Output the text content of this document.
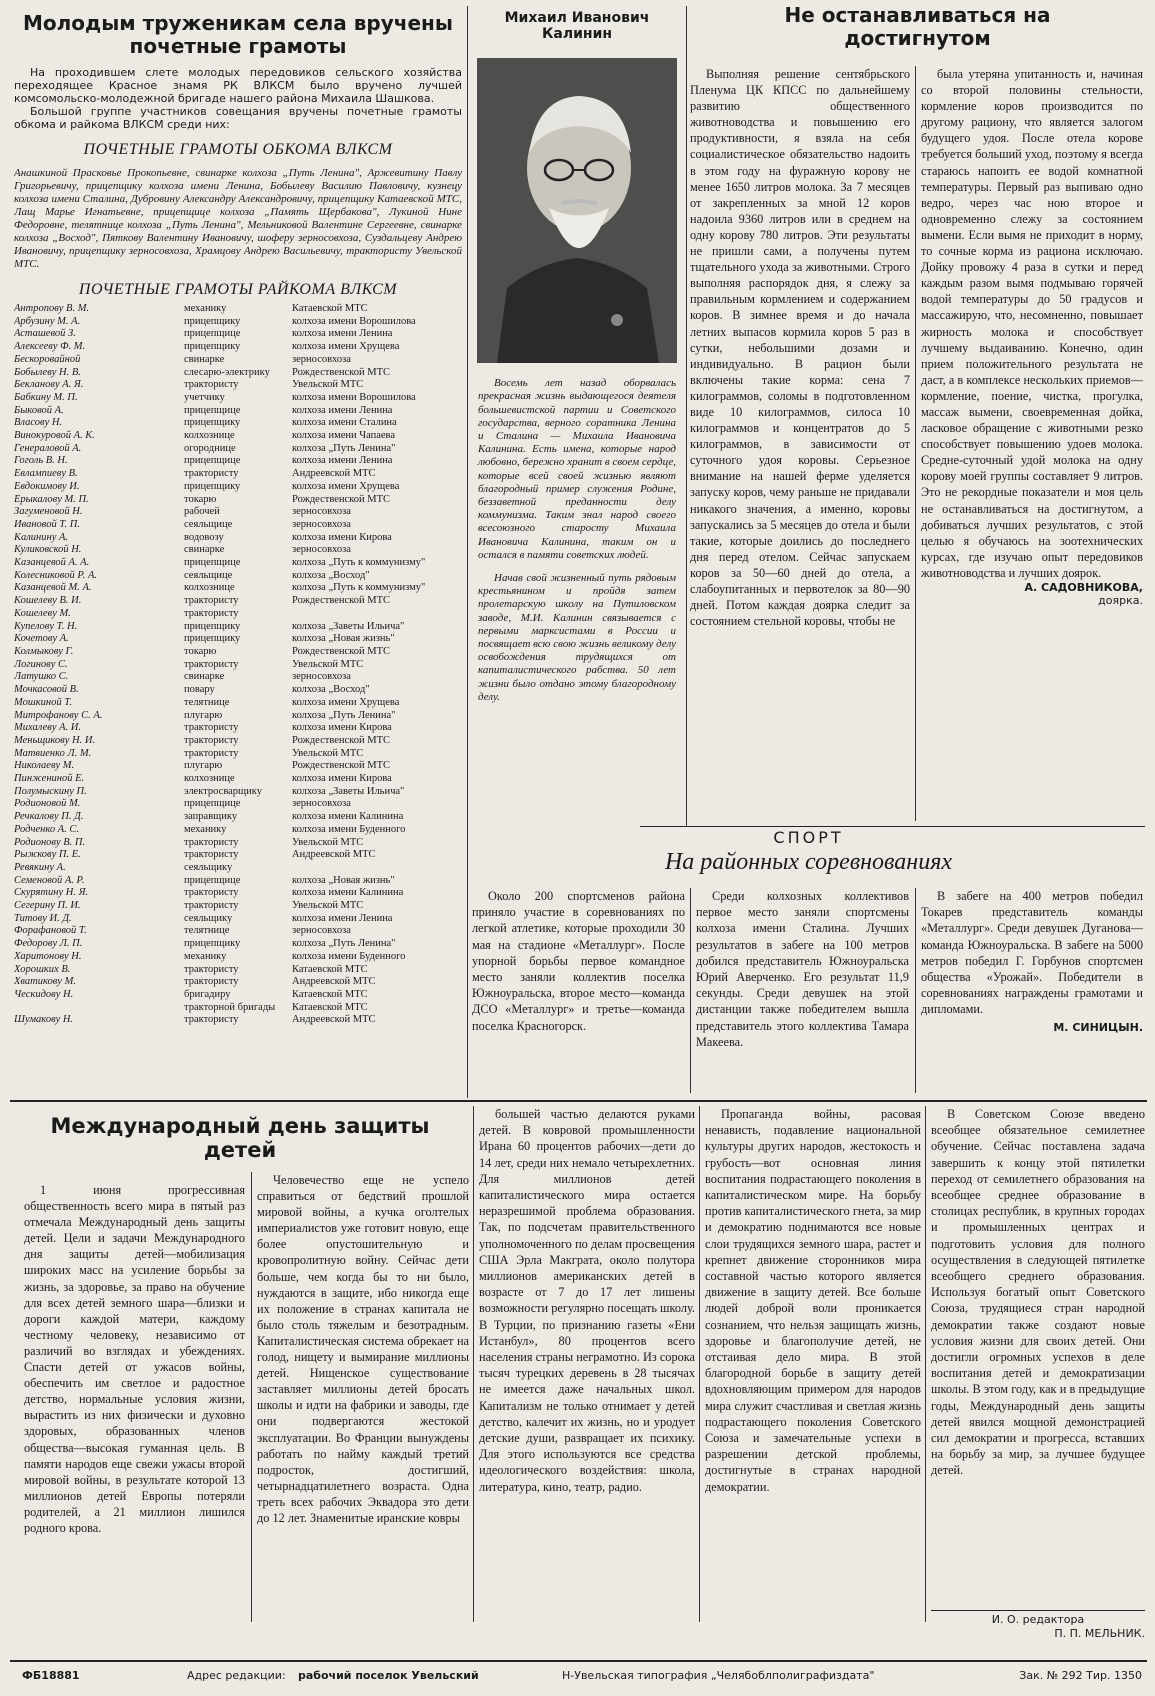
Молодым труженикам села вручены
почетные грамоты

На проходившем слете молодых передовиков сельского хозяйства переходящее Красное знамя РК ВЛКСМ было вручено лучшей комсомольско-молодежной бригаде нашего района Михаила Шашкова.

Большой группе участников совещания вручены почетные грамоты обкома и райкома ВЛКСМ среди них:

ПОЧЕТНЫЕ ГРАМОТЫ ОБКОМА ВЛКСМ
Анашкиной Прасковье Прокопьевне, свинарке колхоза „Путь Ленина", Аржевитину Павлу Григорьевичу, прицепщику колхоза имени Ленина, Бобылеву Василию Павловичу, кузнецу колхоза имени Сталина, Дубровину Александру Александровичу, прицепщику Катаевской МТС, Лащ Марье Игнатьевне, прицепщице колхоза „Память Щербакова", Лукиной Нине Федоровне, телятнице колхоза „Путь Ленина", Мельниковой Валентине Сергеевне, свинарке колхоза „Восход", Пяткову Валентину Ивановичу, шоферу зерносовхоза, Суздальцеву Андрею Ивановичу, прицепщику зерносовхоза, Храмцову Андрею Васильевичу, трактористу Увельской МТС.
ПОЧЕТНЫЕ ГРАМОТЫ РАЙКОМА ВЛКСМ
Антропову В. М.	механику	Катаевской МТС
Арбузину М. А.	прицепщику	колхоза имени Ворошилова
Асташевой З.	прицепщице	колхоза имени Ленина
Алексееву Ф. М.	прицепщику	колхоза имени Хрущева
Бескоровайной	свинарке	зерносовхоза
Бобылеву Н. В.	слесарю-электрику	Рождественской МТС
Бекланову А. Я.	трактористу	Увельской МТС
Бабкину М. П.	учетчику	колхоза имени Ворошилова
Быковой А.	прицепщице	колхоза имени Ленина
Власову Н.	прицепщику	колхоза имени Сталина
Винокуровой А. К.	колхознице	колхоза имени Чапаева
Генераловой А.	огороднице	колхоза „Путь Ленина"
Гоголь В. Н.	прицепщице	колхоза имени Ленина
Евлампиеву В.	трактористу	Андреевской МТС
Евдокимову И.	прицепщику	колхоза имени Хрущева
Ерыкалову М. П.	токарю	Рождественской МТС
Загуменовой Н.	рабочей	зерносовхоза
Ивановой Т. П.	сеяльщице	зерносовхоза
Калинину А.	водовозу	колхоза имени Кирова
Куликовской Н.	свинарке	зерносовхоза
Казанцевой А. А.	прицепщице	колхоза „Путь к коммунизму"
Колесниковой Р. А.	сеяльщице	колхоза „Восход"
Казанцевой М. А.	колхознице	колхоза „Путь к коммунизму"
Кошелеву В. И.	трактористу	Рождественской МТС
Кошелеву М.	трактористу	
Купелову Т. Н.	прицепщику	колхоза „Заветы Ильича"
Кочетову А.	прицепщику	колхоза „Новая жизнь"
Колмыкову Г.	токарю	Рождественской МТС
Логинову С.	трактористу	Увельской МТС
Латушко С.	свинарке	зерносовхоза
Мочкасовой В.	повару	колхоза „Восход"
Мошкиной Т.	телятнице	колхоза имени Хрущева
Митрофанову С. А.	плугарю	колхоза „Путь Ленина"
Михалеву А. И.	трактористу	колхоза имени Кирова
Меньщикову Н. И.	трактористу	Рождественской МТС
Матвиенко Л. М.	трактористу	Увельской МТС
Николаеву М.	плугарю	Рождественской МТС
Пинжениной Е.	колхознице	колхоза имени Кирова
Полумыскину П.	электросварщику	колхоза „Заветы Ильича"
Родионовой М.	прицепщице	зерносовхоза
Речкалову П. Д.	заправщику	колхоза имени Калинина
Родченко А. С.	механику	колхоза имени Буденного
Родионову В. П.	трактористу	Увельской МТС
Рыжкову П. Е.	трактористу	Андреевской МТС
Ревякину А.	сеяльщику	
Семеновой А. Р.	прицепщице	колхоза „Новая жизнь"
Скурятину Н. Я.	трактористу	колхоза имени Калинина
Сегерину П. И.	трактористу	Увельской МТС
Титову И. Д.	сеяльщику	колхоза имени Ленина
Форафановой Т.	телятнице	зерносовхоза
Федорову Л. П.	прицепщику	колхоза „Путь Ленина"
Харитонову Н.	механику	колхоза имени Буденного
Хорошких В.	трактористу	Катаевской МТС
Хватикову М.	трактористу	Андреевской МТС
Ческидову Н.	бригадиру	Катаевской МТС
	тракторной бригады	Катаевской МТС
Шумакову Н.	трактористу	Андреевской МТС
Михаил Иванович Калинин

Восемь лет назад оборвалась прекрасная жизнь выдающегося деятеля большевистской партии и Советского государства, верного соратника Ленина и Сталина — Михаила Ивановича Калинина. Есть имена, которые народ любовно, бережно хранит в своем сердце, которые всей своей жизнью являют благородный пример служения Родине, беззаветной преданности делу коммунизма. Таким знал народ своего всесоюзного старосту Михаила Ивановича Калинина, таким он и остался в памяти советских людей.

Начав свой жизненный путь рядовым крестьянином и пройдя затем пролетарскую школу на Путиловском заводе, М.И. Калинин связывается с первыми марксистами в России и посвящает всю свою жизнь великому делу освобождения трудящихся от капиталистического рабства. 50 лет жизни было отдано этому благородному делу.

Не останавливаться на достигнутом

Выполняя решение сентябрьского Пленума ЦК КПСС по дальнейшему развитию общественного животноводства и повышению его продуктивности, я взяла на себя социалистическое обязательство надоить в этом году на фуражную корову не менее 1650 литров молока. За 7 месяцев от закрепленных за мной 12 коров надоила 9360 литров или в среднем на одну корову 780 литров. Эти результаты не пришли сами, а получены путем тщательного ухода за животными. Строго выполняя распорядок дня, я слежу за правильным кормлением и содержанием коров. В зимнее время и до начала летних выпасов кормила коров 5 раз в сутки, небольшими дозами и индивидуально. В рацион были включены такие корма: сена 7 килограммов, соломы в подготовленном виде 10 килограммов, силоса 10 килограммов и концентратов до 5 килограммов, в зависимости от суточного удоя коровы. Серьезное внимание на нашей ферме уделяется запуску коров, чему раньше не придавали никакого значения, а именно, коровы запускались за 5 месяцев до отела и были такие, которые доились до последнего дня перед отелом. Сейчас запускаем коров за 50—60 дней до отела, а слабоупитанных и первотелок за 80—90 дней. Потом каждая доярка следит за состоянием стельной коровы, чтобы не

была утеряна упитанность и, начиная со второй половины стельности, кормление коров производится по другому рациону, что является залогом будущего удоя. После отела корове требуется больший уход, поэтому я всегда стараюсь напоить ее водой комнатной температуры. Первый раз выпиваю одно ведро, через час ною второе и одновременно слежу за состоянием вымени. Если вымя не приходит в норму, то сочные корма из рациона исключаю. Дойку провожу 4 раза в сутки и перед каждым разом вымя подмываю горячей водой температуры до 50 градусов и массажирую, что, несомненно, повышает жирность молока и способствует лучшему выдаиванию. Конечно, один прием положительного результата не даст, а в комплексе нескольких приемов—кормление, поение, чистка, прогулка, массаж вымени, своевременная дойка, ласковое обращение с животными резко способствует повышению удоев молока. Средне-суточный удой молока на одну корову моей группы составляет 9 литров. Это не рекордные показатели и моя цель не останавливаться на достигнутом, а добиваться лучших результатов, с этой целью я обучаюсь на зоотехнических курсах, где изучаю опыт передовиков животноводства и лучших доярок.

А. САДОВНИКОВА,
доярка.
СПОРТ
На районных соревнованиях

Около 200 спортсменов района приняло участие в соревнованиях по легкой атлетике, которые проходили 30 мая на стадионе «Металлург». После упорной борьбы первое командное место заняли коллектив поселка Южноуральска, второе место—команда ДСО «Металлург» и третье—команда поселка Красногорск.

Среди колхозных коллективов первое место заняли спортсмены колхоза имени Сталина. Лучших результатов в забеге на 100 метров добился представитель Южноуральска Юрий Аверченко. Его результат 11,9 секунды. Среди девушек на этой дистанции также победителем вышла представитель этого коллектива Тамара Макеева.

В забеге на 400 метров победил Токарев представитель команды «Металлург». Среди девушек Дуганова—команда Южноуральска. В забеге на 5000 метров победил Г. Горбунов спортсмен общества «Урожай». Победители в соревнованиях награждены грамотами и дипломами.

М. СИНИЦЫН.
Международный день защиты детей

1 июня прогрессивная общественность всего мира в пятый раз отмечала Международный день защиты детей. Цели и задачи Международного дня защиты детей—мобилизация широких масс на усиление борьбы за жизнь, за здоровье, за право на обучение для всех детей земного шара—близки и дороги каждой матери, каждому честному человеку, независимо от различий во взглядах и убеждениях. Спасти детей от ужасов войны, обеспечить им светлое и радостное детство, нормальные условия жизни, вырастить из них физически и духовно здоровых, образованных членов общества—высокая гуманная цель. В памяти народов еще свежи ужасы второй мировой войны, в результате которой 13 миллионов детей Европы потеряли родителей, а 21 миллион лишился родного крова.

Человечество еще не успело справиться от бедствий прошлой мировой войны, а кучка оголтелых империалистов уже готовит новую, еще более опустошительную и кровопролитную войну. Сейчас дети больше, чем когда бы то ни было, нуждаются в защите, ибо никогда еще их положение в странах капитала не было столь тяжелым и безотрадным. Капиталистическая система обрекает на голод, нищету и вымирание миллионы детей. Нищенское существование заставляет миллионы детей бросать школы и идти на фабрики и заводы, где они подвергаются жестокой эксплуатации. Во Франции вынуждены работать по найму каждый третий подросток, достигший, четырнадцатилетнего возраста. Одна треть всех рабочих Эквадора это дети до 12 лет. Знаменитые иранские ковры

большей частью делаются руками детей. В ковровой промышленности Ирана 60 процентов рабочих—дети до 14 лет, среди них немало четырехлетних. Для миллионов детей капиталистического мира остается неразрешимой проблема образования. Так, по подсчетам правительственного уполномоченного по делам просвещения США Эрла Макграта, около полутора миллионов американских детей в возрасте от 7 до 17 лет лишены возможности регулярно посещать школу. В Турции, по признанию газеты «Ени Истанбул», 80 процентов всего населения страны неграмотно. Из сорока тысяч турецких деревень в 28 тысячах не имеется даже начальных школ. Капитализм не только отнимает у детей детство, калечит их жизнь, но и уродует детские души, развращает их психику. Для этого используются все средства идеологического воздействия: школа, литература, кино, театр, радио.

Пропаганда войны, расовая ненависть, подавление национальной культуры других народов, жестокость и грубость—вот основная линия воспитания подрастающего поколения в капиталистическом мире. На борьбу против капиталистического гнета, за мир и демократию поднимаются все новые слои трудящихся земного шара, растет и крепнет движение сторонников мира составной частью которого является движение в защиту детей. Все больше людей доброй воли проникается сознанием, что нельзя защищать жизнь, здоровье и благополучие детей, не отстаивая дело мира. В этой благородной борьбе в защиту детей вдохновляющим примером для народов мира служит счастливая и светлая жизнь подрастающего поколения Советского Союза и замечательные успехи в разрешении детской проблемы, достигнутые в странах народной демократии.

В Советском Союзе введено всеобщее обязательное семилетнее обучение. Сейчас поставлена задача завершить к концу этой пятилетки переход от семилетнего образования на всеобщее среднее образование в столицах республик, в крупных городах и промышленных центрах и подготовить условия для полного осуществления в следующей пятилетке всеобщего среднего образования. Используя богатый опыт Советского Союза, трудящиеся стран народной демократии также создают новые условия жизни для своих детей. Они достигли огромных успехов в деле воспитания детей и демократизации школы. В этом году, как и в предыдущие годы, Международный день защиты детей явился мощной демонстрацией сил демократии и прогресса, вставших на борьбу за мир, за лучшее будущее детей.

И. О. редактора
П. П. МЕЛЬНИК.
ФБ18881	Адрес редакции: рабочий поселок Увельский	Н-Увельская типография „Челябоблполиграфиздата"	Зак. № 292 Тир. 1350
